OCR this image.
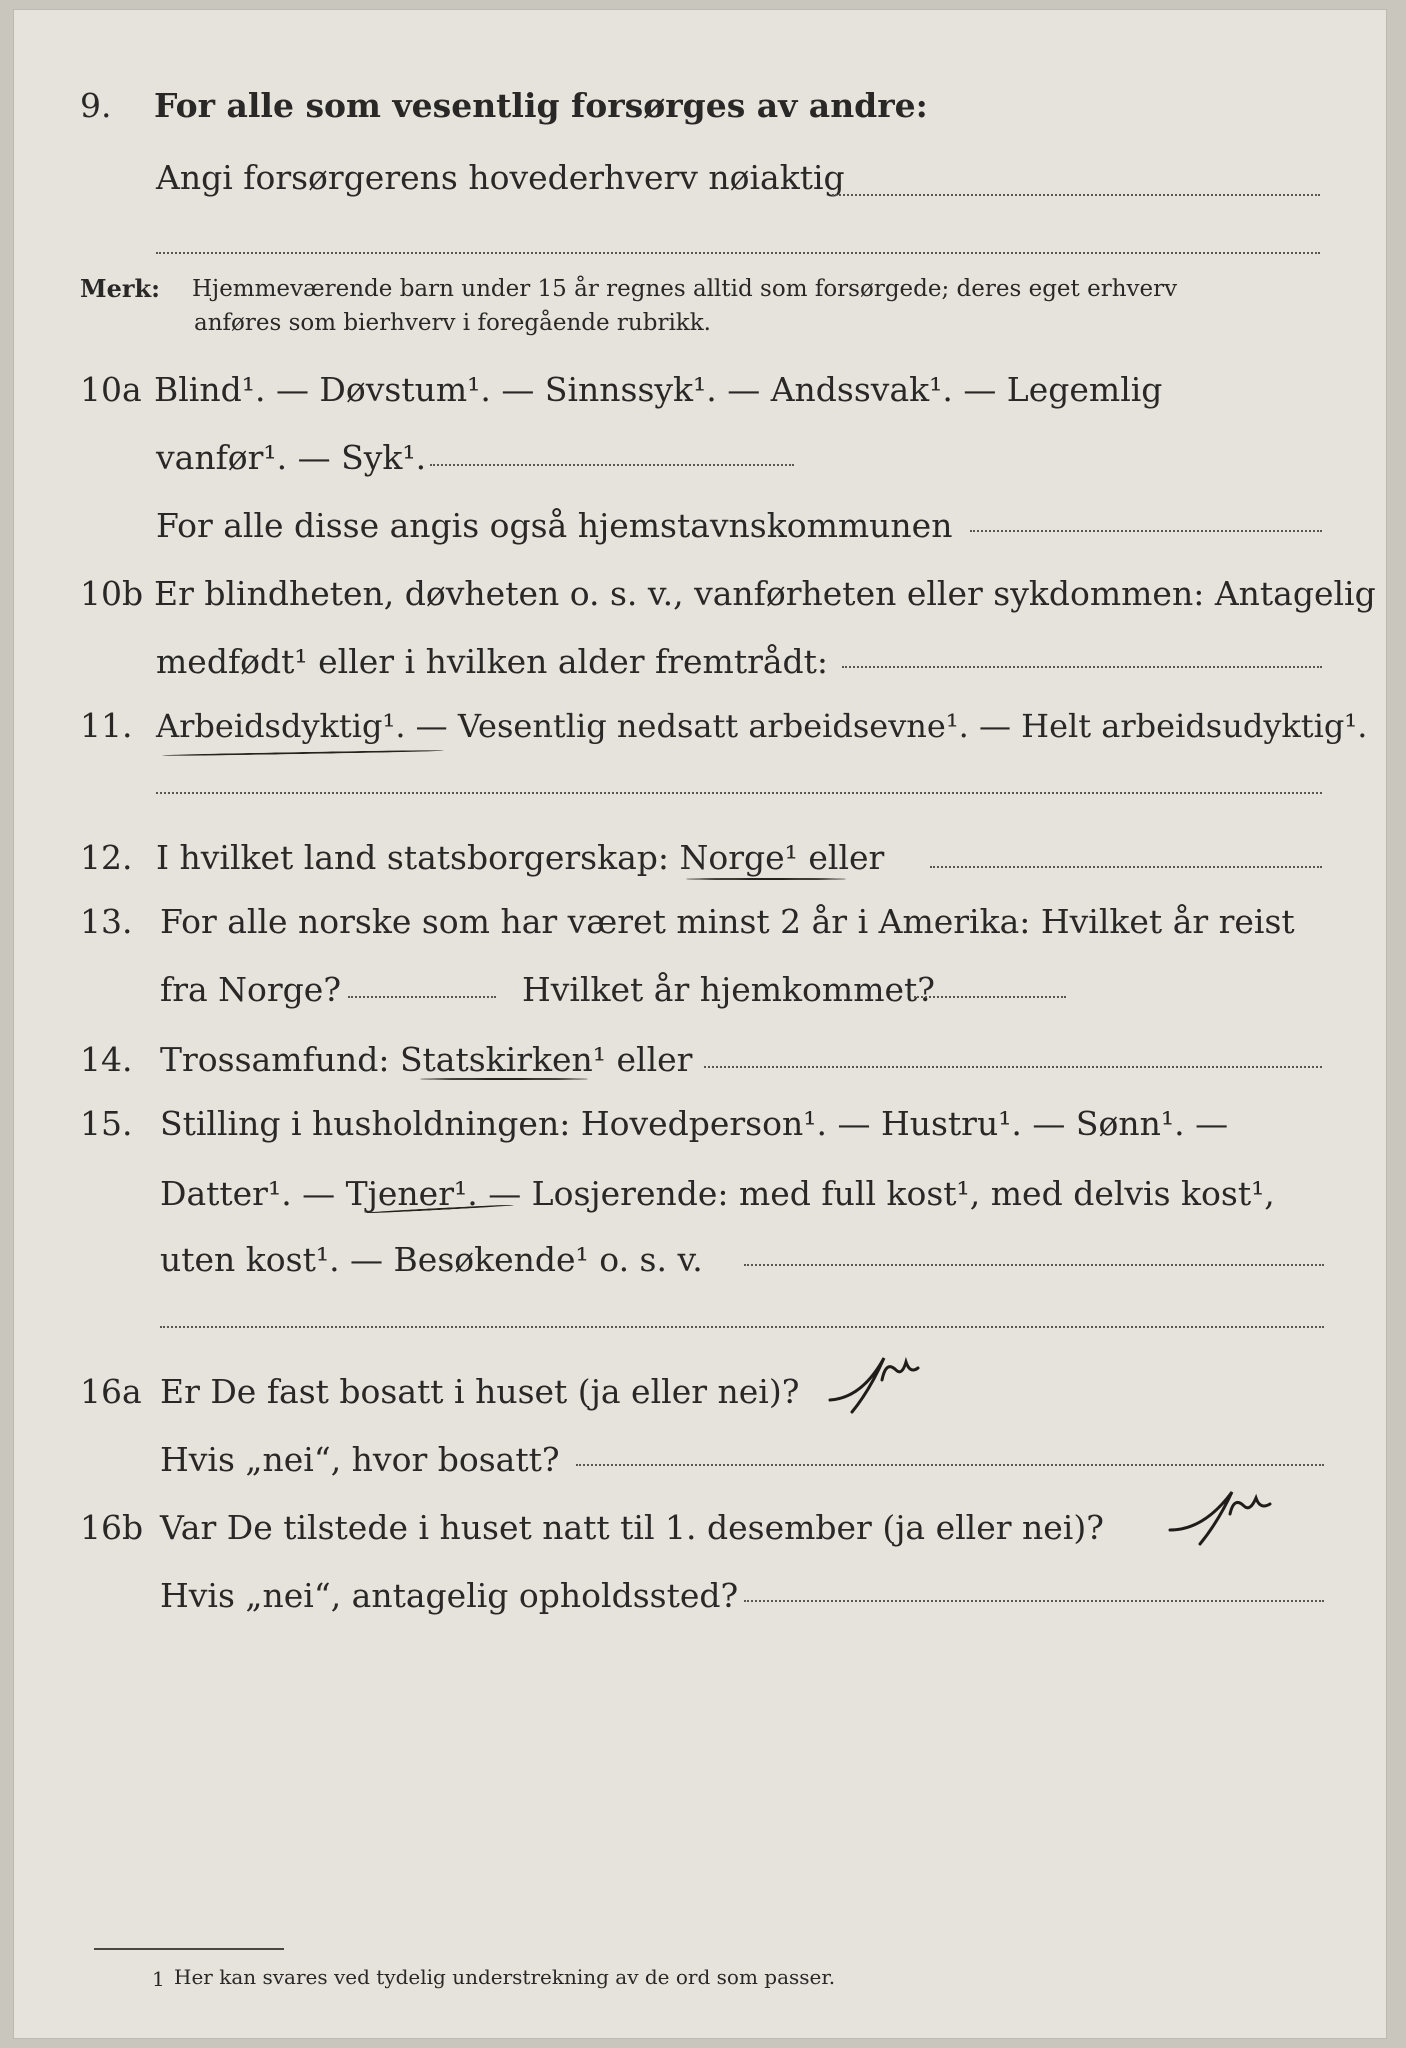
9. For alle som vesentlig forsørges av andre:
Angi forsørgerens hovederhverv nøiaktig
Merk: Hjemmeværende barn under 15 år regnes alltid som forsørgede; deres eget erhverv
anføres som bierhverv i foregående rubrikk.
10a Blind¹. — Døvstum¹. — Sinnssyk¹. — Andssvak¹. — Legemlig
vanfør¹. — Syk¹.
For alle disse angis også hjemstavnskommunen
10b Er blindheten, døvheten o. s. v., vanførheten eller sykdommen: Antagelig
medfødt¹ eller i hvilken alder fremtrådt:
11. Arbeidsdyktig¹. — Vesentlig nedsatt arbeidsevne¹. — Helt arbeidsudyktig¹.
12. I hvilket land statsborgerskap: Norge¹ eller
13. For alle norske som har været minst 2 år i Amerika: Hvilket år reist
fra Norge?	Hvilket år hjemkommet?
14. Trossamfund: Statskirken¹ eller
15. Stilling i husholdningen: Hovedperson¹. — Hustru¹. — Sønn¹. —
Datter¹. — Tjener¹. — Losjerende: med full kost¹, med delvis kost¹,
uten kost¹. — Besøkende¹ o. s. v.
16a Er De fast bosatt i huset (ja eller nei)?
Hvis „nei“, hvor bosatt?
16b Var De tilstede i huset natt til 1. desember (ja eller nei)?
Hvis „nei“, antagelig opholdssted?
1 Her kan svares ved tydelig understrekning av de ord som passer.
